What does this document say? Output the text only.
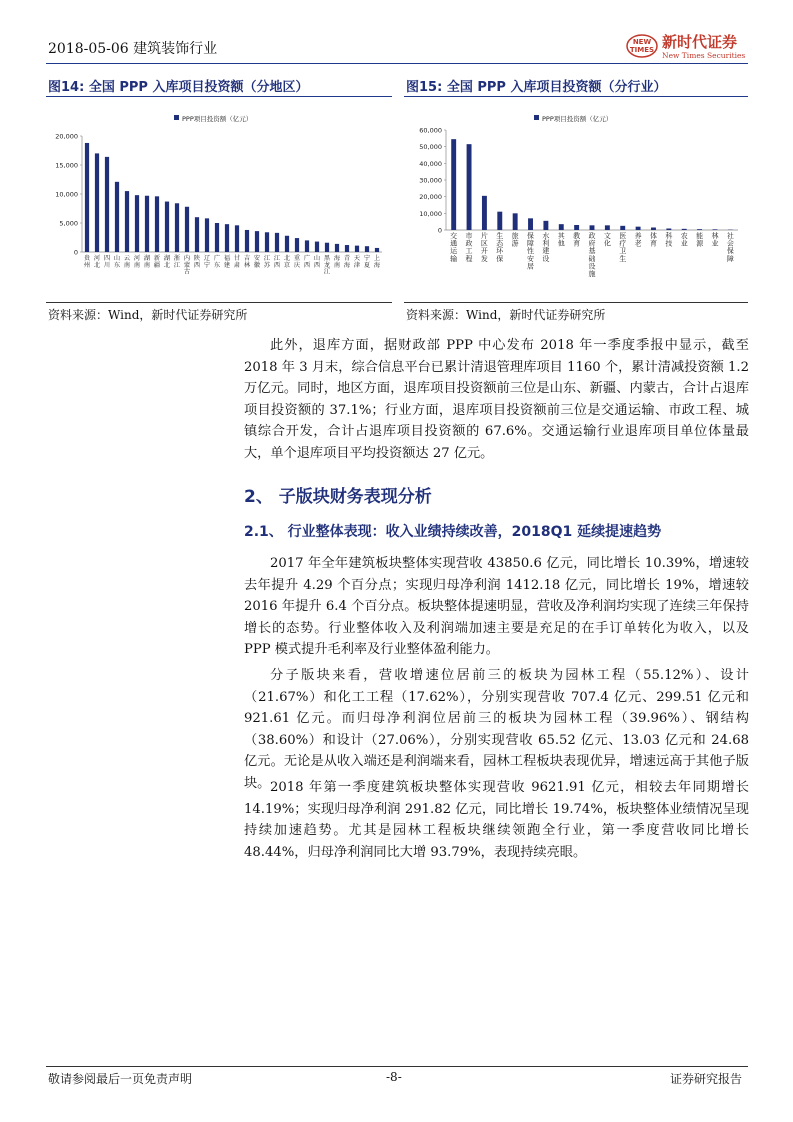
2018-05-06 建筑装饰行业	NEW
TIMES 新时代证券
New Times Securities
图14: 全国 PPP 入库项目投资额（分地区）	图15: 全国 PPP 入库项目投资额（分行业）
PPP项目投资额（亿元）
0
5,000
10,000
15,000
20,000
贵州
河北
四川
山东
云南
河南
湖南
新疆
湖北
浙江
内蒙古
陕西
辽宁
广东
福建
甘肃
吉林
安徽
江苏
江西
北京
重庆
广西
山西
黑龙江
海南
青海
天津
宁夏
上海
PPP项目投资额（亿元）
0
10,000
20,000
30,000
40,000
50,000
60,000
交通运输
市政工程
片区开发
生态环保
旅游
保障性安居
水利建设
其他
教育
政府基础设施
文化
医疗卫生
养老
体育
科技
农业
能源
林业
社会保障
资料来源：Wind，新时代证券研究所	资料来源：Wind，新时代证券研究所
此外，退库方面，据财政部 PPP 中心发布 2018 年一季度季报中显示，截至 2018 年 3 月末，综合信息平台已累计清退管理库项目 1160 个，累计清减投资额 1.2 万亿元。同时，地区方面，退库项目投资额前三位是山东、新疆、内蒙古，合计占退库项目投资额的 37.1%；行业方面，退库项目投资额前三位是交通运输、市政工程、城镇综合开发，合计占退库项目投资额的 67.6%。交通运输行业退库项目单位体量最大，单个退库项目平均投资额达 27 亿元。
2、 子版块财务表现分析
2.1、 行业整体表现：收入业绩持续改善，2018Q1 延续提速趋势
2017 年全年建筑板块整体实现营收 43850.6 亿元，同比增长 10.39%，增速较去年提升 4.29 个百分点；实现归母净利润 1412.18 亿元，同比增长 19%，增速较 2016 年提升 6.4 个百分点。板块整体提速明显，营收及净利润均实现了连续三年保持增长的态势。行业整体收入及利润端加速主要是充足的在手订单转化为收入，以及 PPP 模式提升毛利率及行业整体盈利能力。
分子版块来看，营收增速位居前三的板块为园林工程（55.12%）、设计（21.67%）和化工工程（17.62%），分别实现营收 707.4 亿元、299.51 亿元和 921.61 亿元。而归母净利润位居前三的板块为园林工程（39.96%）、钢结构（38.60%）和设计（27.06%），分别实现营收 65.52 亿元、13.03 亿元和 24.68 亿元。无论是从收入端还是利润端来看，园林工程板块表现优异，增速远高于其他子版块。 2018 年第一季度建筑板块整体实现营收 9621.91 亿元，相较去年同期增长 14.19%；实现归母净利润 291.82 亿元，同比增长 19.74%，板块整体业绩情况呈现持续加速趋势。尤其是园林工程板块继续领跑全行业，第一季度营收同比增长 48.44%，归母净利润同比大增 93.79%，表现持续亮眼。
敬请参阅最后一页免责声明	-8-	证券研究报告
